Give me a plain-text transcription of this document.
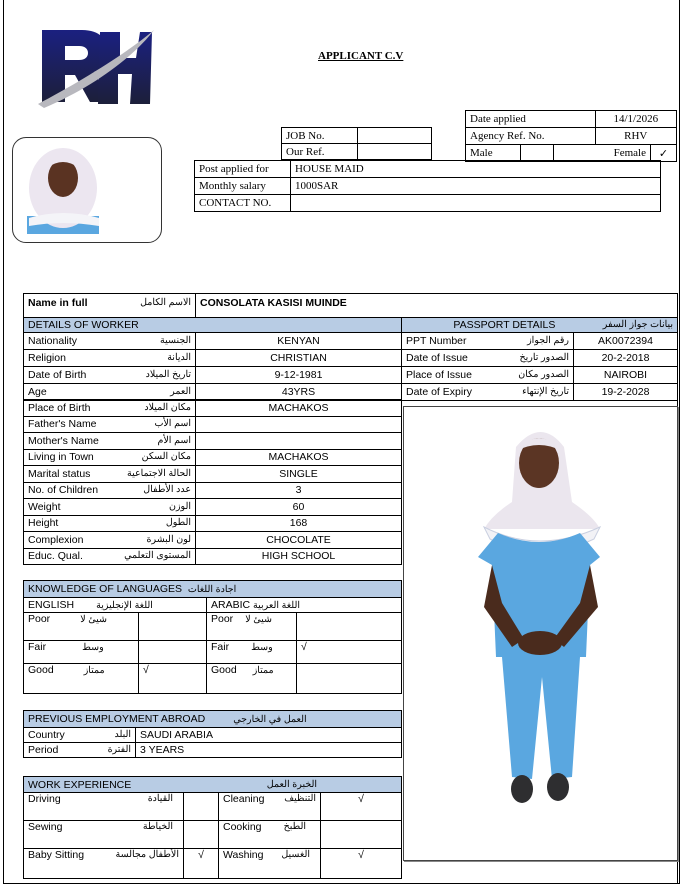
APPLICANT C.V
JOB No.	
Our Ref.	
Date applied			14/1/2026	
Agency Ref. No.			RHV	
Male		Female		✓
Post applied for	HOUSE MAID
Monthly salary	1000SAR
CONTACT NO.	
Name in full	الاسم الكامل	CONSOLATA KASISI MUINDE
DETAILS OF WORKER		PASSPORT DETAILS بيانات جواز السفر	

Nationality الجنسية	KENYAN	PPT Number رقم الجواز	AK0072394
Religion الديانة	CHRISTIAN	Date of Issue الصدور تاريخ	20-2-2018
Date of Birth تاريخ الميلاد	9-12-1981	Place of Issue الصدور مكان	NAIROBI
Age العمر	43YRS	Date of Expiry تاريخ الإنتهاء	19-2-2028
Place of Birth مكان الميلاد	MACHAKOS
Father's Name اسم الأب	

Mother's Name اسم الأم	

Living in Town مكان السكن	MACHAKOS
Marital status الحالة الاجتماعية	SINGLE
No. of Children عدد الأطفال	3
Weight الوزن	60
Height الطول	168
Complexion لون البشرة	CHOCOLATE
Educ. Qual. المستوى التعلمي	HIGH SCHOOL
KNOWLEDGE OF LANGUAGES اجادة اللغات			
ENGLISH اللغة الإنجليزية		ARABIC اللغة العربية	
Poor شيئ لا		Poor شيئ لا	
Fair وسط		Fair وسط	√
Good ممتاز	√	Good ممتاز	
PREVIOUS EMPLOYMENT ABROAD العمل في الخارجي	
Country البلد	SAUDI ARABIA
Period الفترة	3 YEARS
WORK EXPERIENCE الخبرة العمل			

Driving القيادة		Cleaning التنظيف	√
Sewing الخياطة		Cooking الطبخ	

Baby Sitting الأطفال مجالسة	√	Washing الغسيل	√
